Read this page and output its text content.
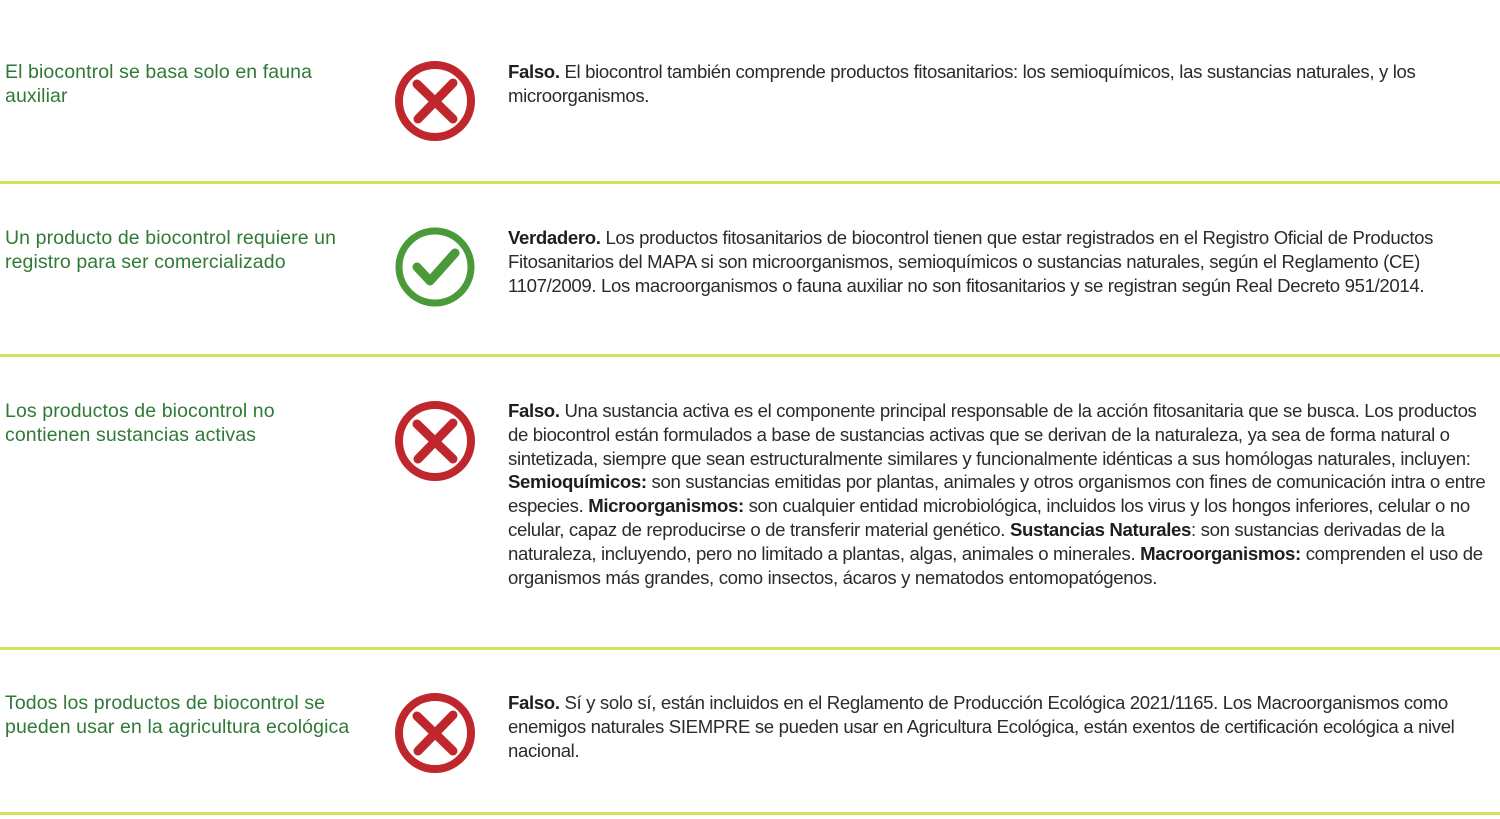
El biocontrol se basa solo en fauna auxiliar
Falso. El biocontrol también comprende productos fitosanitarios: los semioquímicos, las sustancias naturales, y los microorganismos.
Un producto de biocontrol requiere un registro para ser comercializado
Verdadero. Los productos fitosanitarios de biocontrol tienen que estar registrados en el Registro Oficial de Productos Fitosanitarios del MAPA si son microorganismos, semioquímicos o sustancias naturales, según el Reglamento (CE) 1107/2009. Los macroorganismos o fauna auxiliar no son fitosanitarios y se registran según Real Decreto 951/2014.
Los productos de biocontrol no contienen sustancias activas
Falso. Una sustancia activa es el componente principal responsable de la acción fitosanitaria que se busca. Los productos de biocontrol están formulados a base de sustancias activas que se derivan de la naturaleza, ya sea de forma natural o sintetizada, siempre que sean estructuralmente similares y funcionalmente idénticas a sus homólogas naturales, incluyen: Semioquímicos: son sustancias emitidas por plantas, animales y otros organismos con fines de comunicación intra o entre especies. Microorganismos: son cualquier entidad microbiológica, incluidos los virus y los hongos inferiores, celular o no celular, capaz de reproducirse o de transferir material genético. Sustancias Naturales: son sustancias derivadas de la naturaleza, incluyendo, pero no limitado a plantas, algas, animales o minerales. Macroorganismos: comprenden el uso de organismos más grandes, como insectos, ácaros y nematodos entomopatógenos.
Todos los productos de biocontrol se pueden usar en la agricultura ecológica
Falso. Sí y solo sí, están incluidos en el Reglamento de Producción Ecológica 2021/1165. Los Macroorganismos como enemigos naturales SIEMPRE se pueden usar en Agricultura Ecológica, están exentos de certificación ecológica a nivel nacional.
